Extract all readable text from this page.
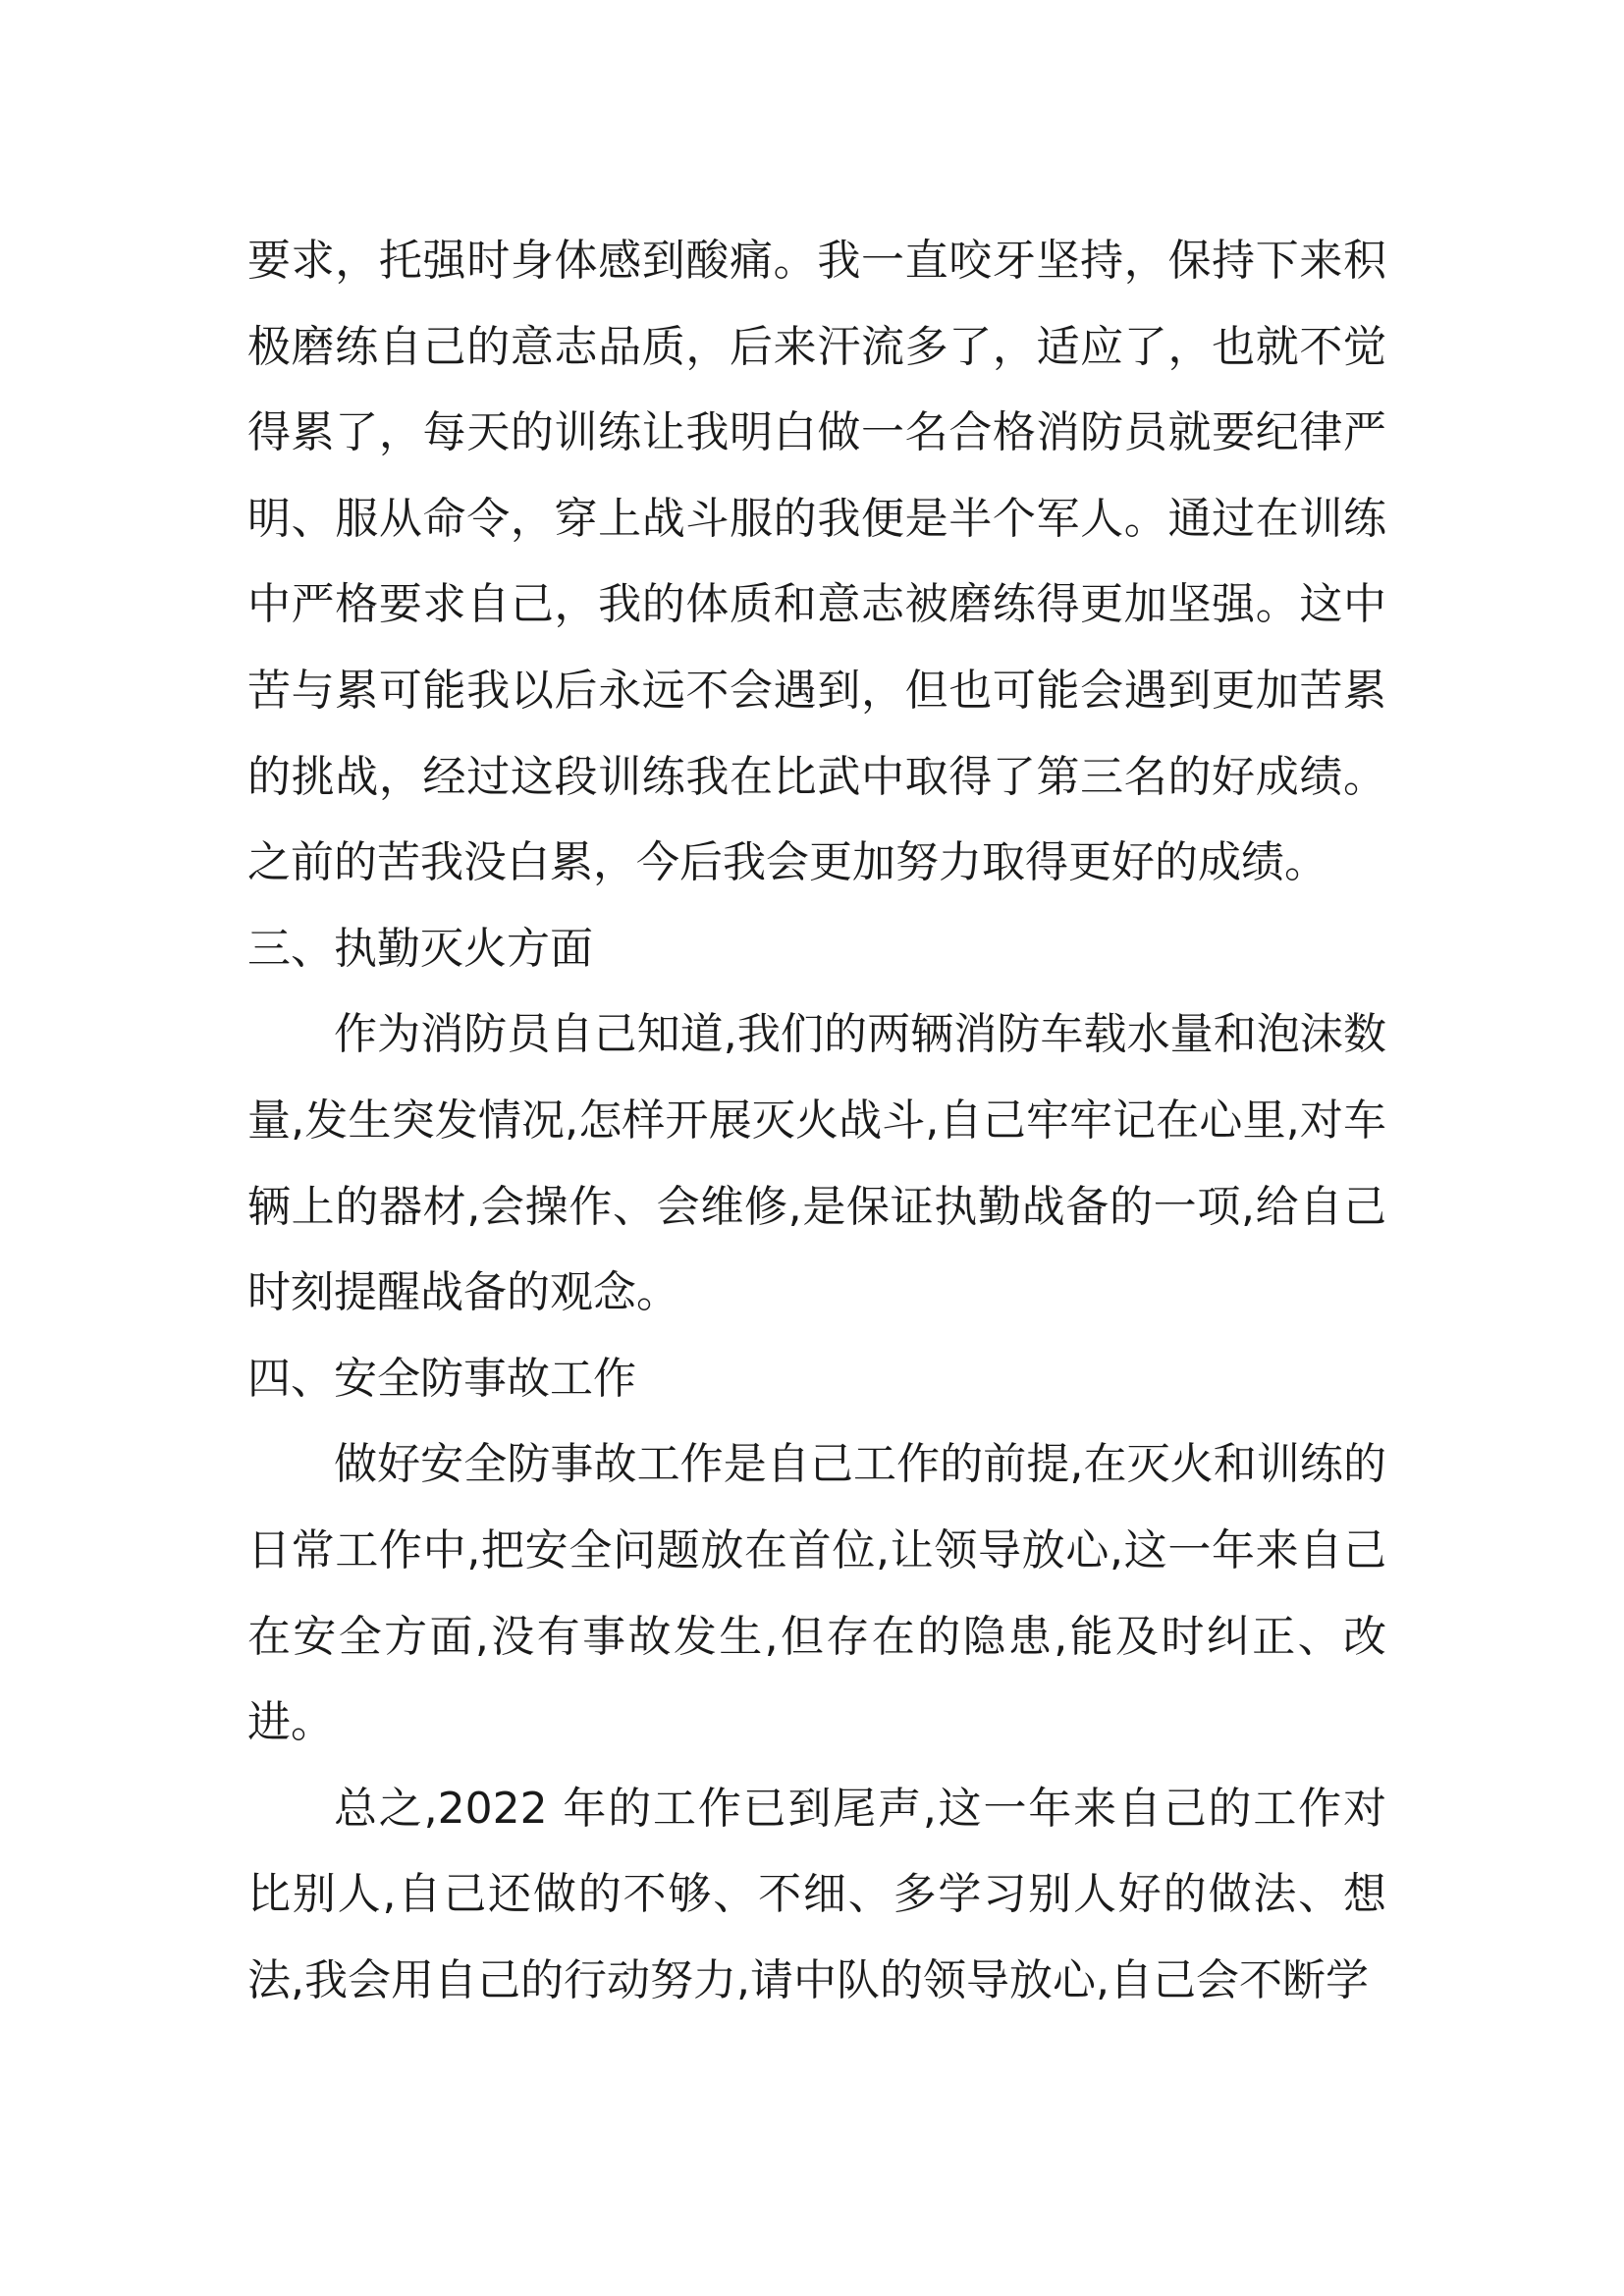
要求，托强时身体感到酸痛。我一直咬牙坚持，保持下来积极磨练自己的意志品质，后来汗流多了，适应了，也就不觉得累了，每天的训练让我明白做一名合格消防员就要纪律严明、服从命令，穿上战斗服的我便是半个军人。通过在训练中严格要求自己，我的体质和意志被磨练得更加坚强。这中苦与累可能我以后永远不会遇到，但也可能会遇到更加苦累的挑战，经过这段训练我在比武中取得了第三名的好成绩。之前的苦我没白累，今后我会更加努力取得更好的成绩。

三、执勤灭火方面

作为消防员自己知道,我们的两辆消防车载水量和泡沫数量,发生突发情况,怎样开展灭火战斗,自己牢牢记在心里,对车辆上的器材,会操作、会维修,是保证执勤战备的一项,给自己时刻提醒战备的观念。

四、安全防事故工作

做好安全防事故工作是自己工作的前提,在灭火和训练的日常工作中,把安全问题放在首位,让领导放心,这一年来自己在安全方面,没有事故发生,但存在的隐患,能及时纠正、改进。

总之,2022 年的工作已到尾声,这一年来自己的工作对比别人,自己还做的不够、不细、多学习别人好的做法、想法,我会用自己的行动努力,请中队的领导放心,自己会不断学
